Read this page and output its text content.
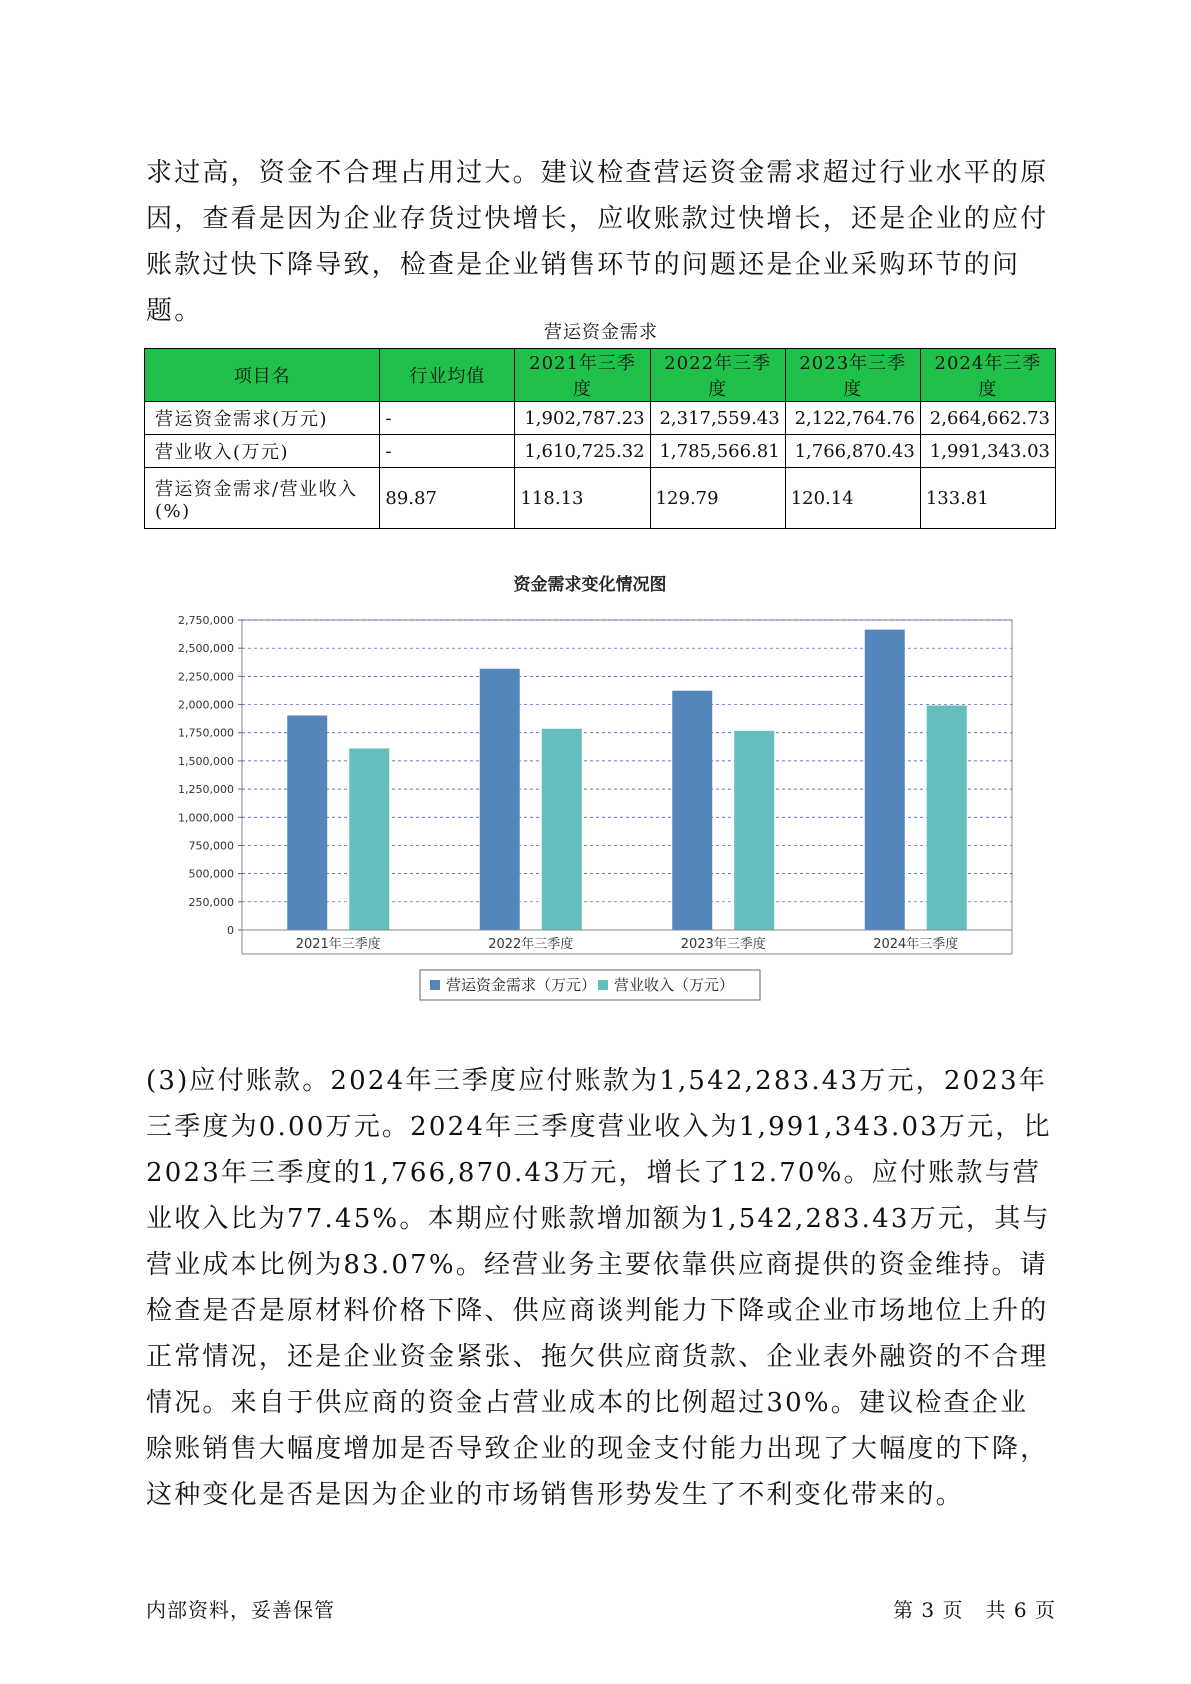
求过高，资金不合理占用过大。建议检查营运资金需求超过行业水平的原因，查看是因为企业存货过快增长，应收账款过快增长，还是企业的应付账款过快下降导致，检查是企业销售环节的问题还是企业采购环节的问题。

营运资金需求
项目名	行业均值	2021年三季度	2022年三季度	2023年三季度	2024年三季度
营运资金需求(万元)	-	1,902,787.23	2,317,559.43	2,122,764.76	2,664,662.73
营业收入(万元)	-	1,610,725.32	1,785,566.81	1,766,870.43	1,991,343.03
营运资金需求/营业收入(%)	89.87	118.13	129.79	120.14	133.81
资金需求变化情况图
0
250,000
500,000
750,000
1,000,000
1,250,000
1,500,000
1,750,000
2,000,000
2,250,000
2,500,000
2,750,000
2021年三季度	2022年三季度	2023年三季度	2024年三季度
营运资金需求（万元） 营业收入（万元）

(3)应付账款。2024年三季度应付账款为1,542,283.43万元，2023年三季度为0.00万元。2024年三季度营业收入为1,991,343.03万元，比2023年三季度的1,766,870.43万元，增长了12.70%。应付账款与营业收入比为77.45%。本期应付账款增加额为1,542,283.43万元，其与营业成本比例为83.07%。经营业务主要依靠供应商提供的资金维持。请检查是否是原材料价格下降、供应商谈判能力下降或企业市场地位上升的正常情况，还是企业资金紧张、拖欠供应商货款、企业表外融资的不合理情况。来自于供应商的资金占营业成本的比例超过30%。建议检查企业赊账销售大幅度增加是否导致企业的现金支付能力出现了大幅度的下降，这种变化是否是因为企业的市场销售形势发生了不利变化带来的。

内部资料，妥善保管	第 3 页   共 6 页
